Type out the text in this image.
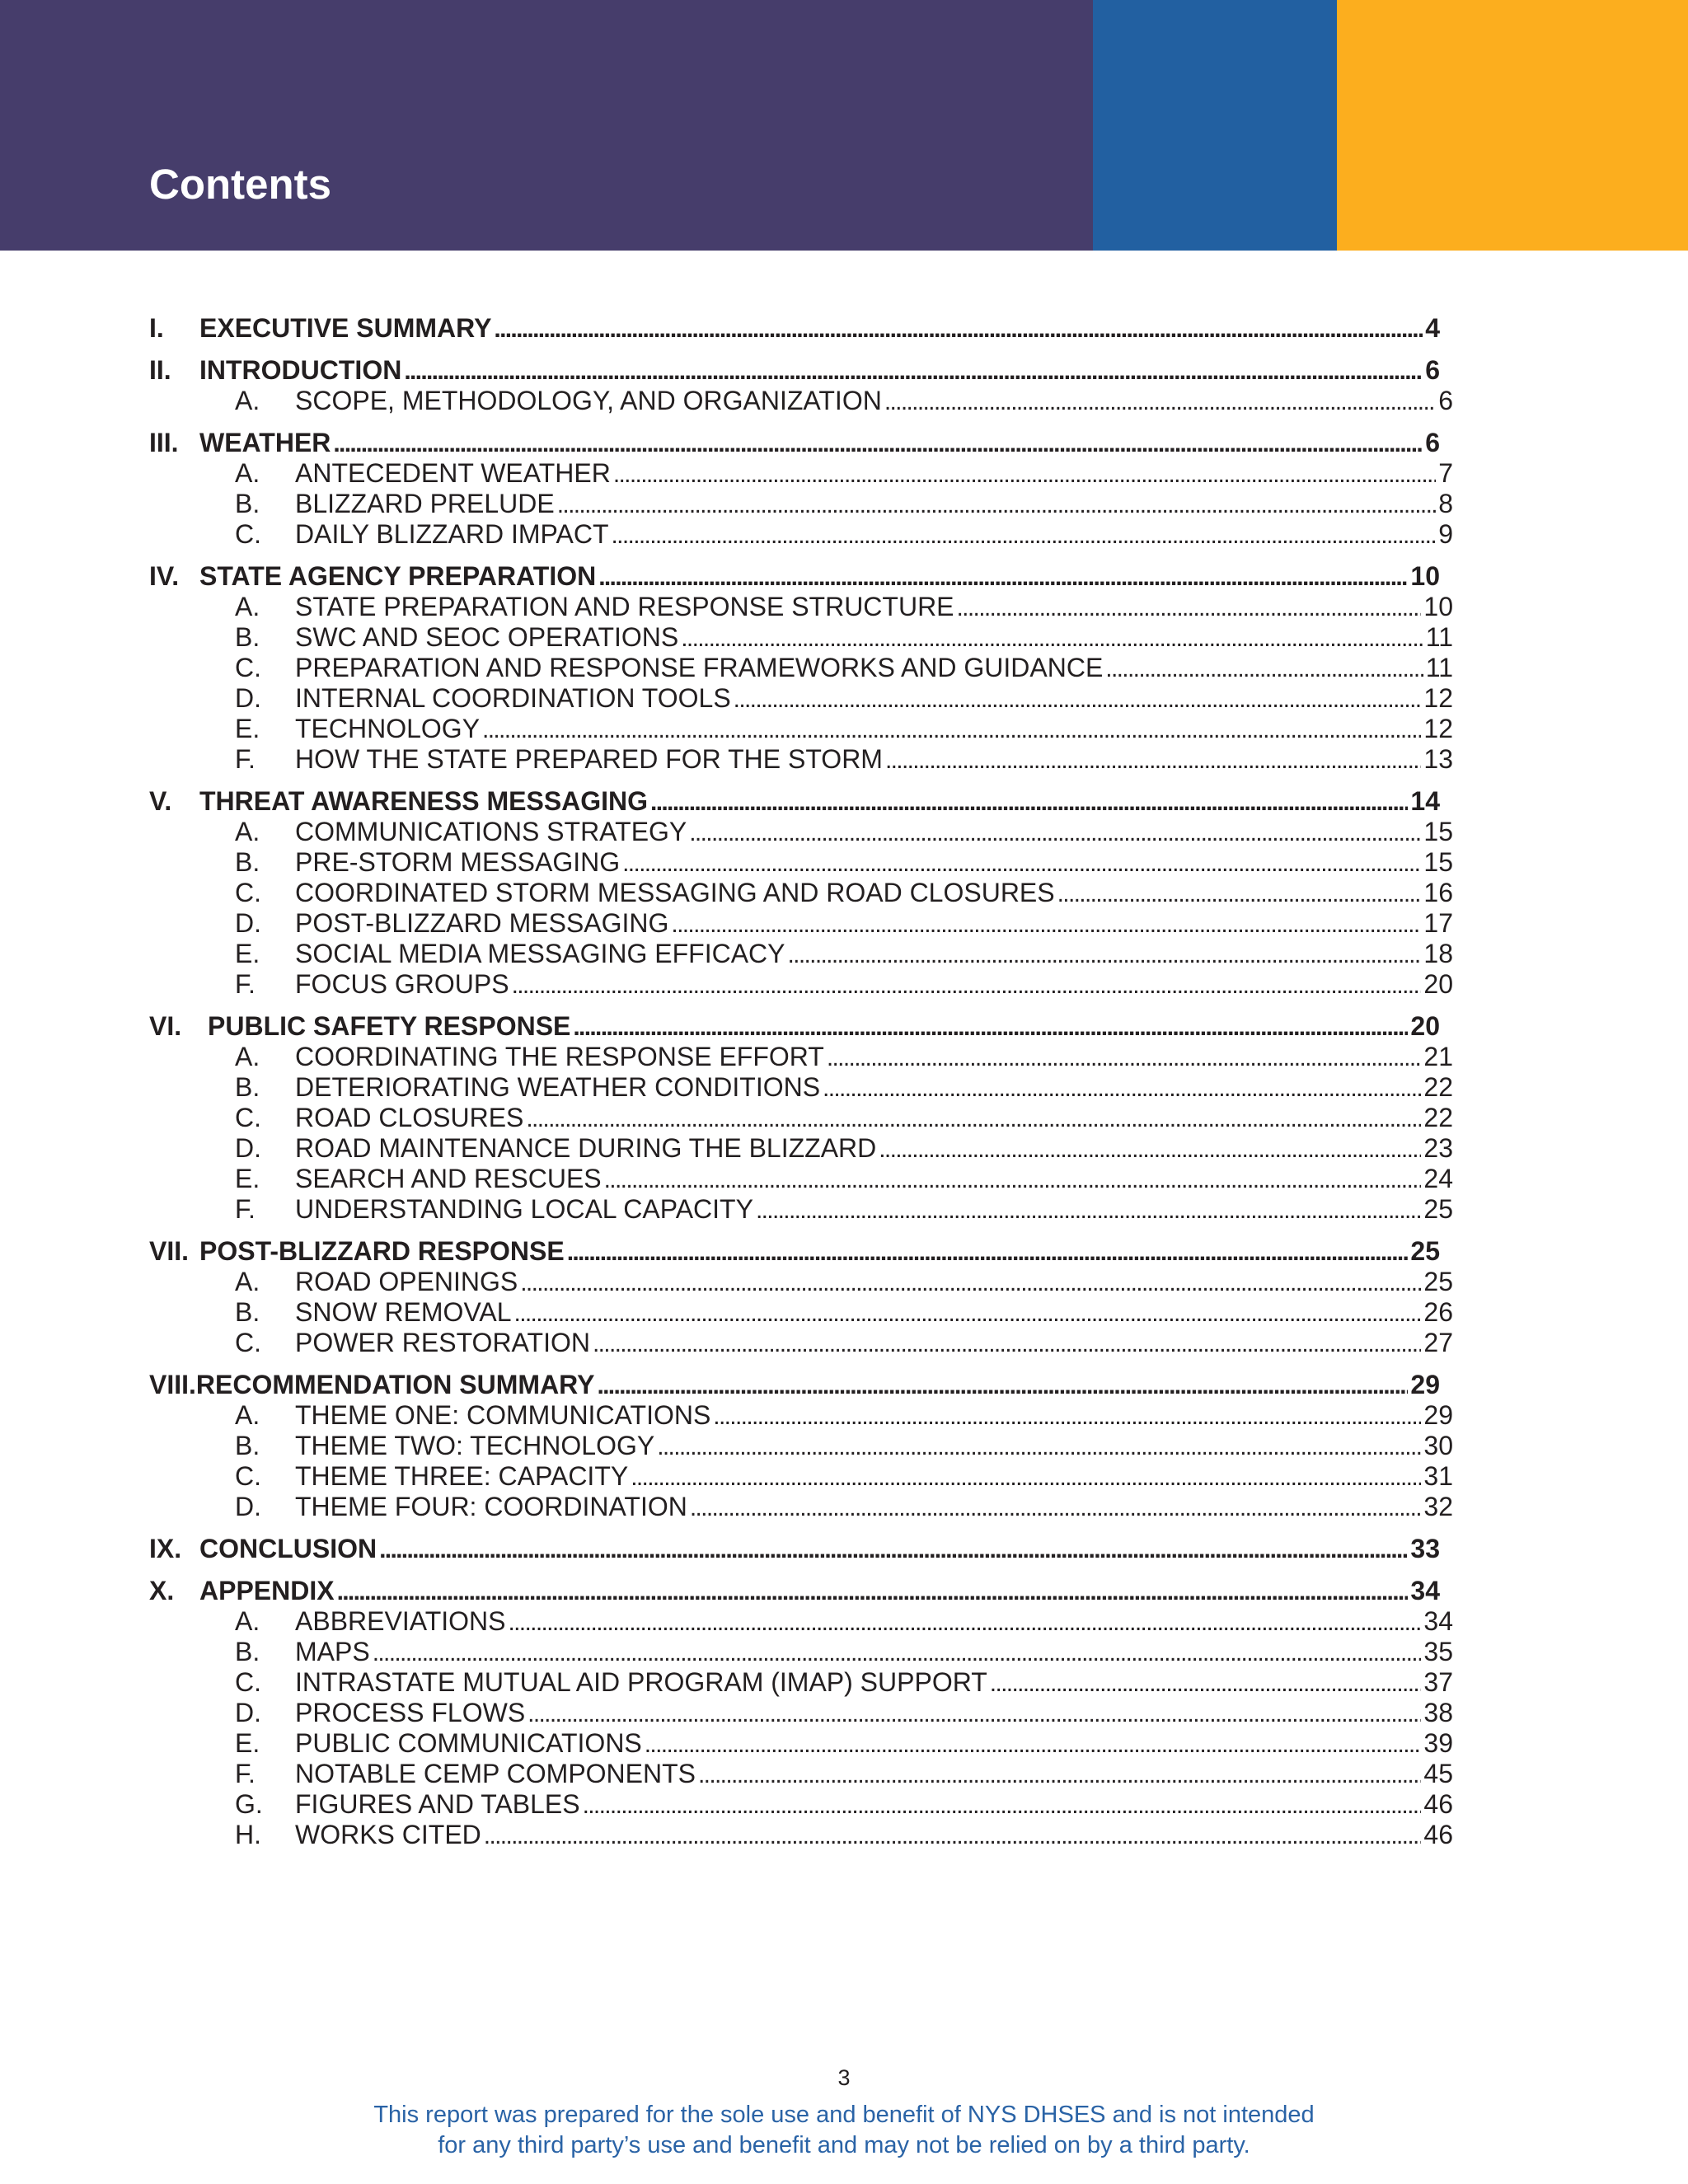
Contents
I.	EXECUTIVE SUMMARY . . .	4
II.	INTRODUCTION . . .	6
A.	SCOPE, METHODOLOGY, AND ORGANIZATION . . .	6
III. WEATHER . . .	6
A.	ANTECEDENT WEATHER . . .	7
B.	BLIZZARD PRELUDE . . .	8
C.	DAILY BLIZZARD IMPACT . . .	9
IV. STATE AGENCY PREPARATION . . .	10
A.	STATE PREPARATION AND RESPONSE STRUCTURE . . .	10
B.	SWC AND SEOC OPERATIONS . . .	11
C.	PREPARATION AND RESPONSE FRAMEWORKS AND GUIDANCE . . .	11
D.	INTERNAL COORDINATION TOOLS . . .	12
E.	TECHNOLOGY . . .	12
F.	HOW THE STATE PREPARED FOR THE STORM . . .	13
V.	THREAT AWARENESS MESSAGING . . .	14
A.	COMMUNICATIONS STRATEGY . . .	15
B.	PRE-STORM MESSAGING . . .	15
C.	COORDINATED STORM MESSAGING AND ROAD CLOSURES . . .	16
D.	POST-BLIZZARD MESSAGING . . .	17
E.	SOCIAL MEDIA MESSAGING EFFICACY . . .	18
F.	FOCUS GROUPS . . .	20
VI. PUBLIC SAFETY RESPONSE . . .	20
A.	COORDINATING THE RESPONSE EFFORT . . .	21
B.	DETERIORATING WEATHER CONDITIONS . . .	22
C.	ROAD CLOSURES . . .	22
D.	ROAD MAINTENANCE DURING THE BLIZZARD . . .	23
E.	SEARCH AND RESCUES . . .	24
F.	UNDERSTANDING LOCAL CAPACITY . . .	25
VII. POST-BLIZZARD RESPONSE . . .	25
A.	ROAD OPENINGS . . .	25
B.	SNOW REMOVAL . . .	26
C.	POWER RESTORATION . . .	27
VIII. RECOMMENDATION SUMMARY . . .	29
A.	THEME ONE: COMMUNICATIONS . . .	29
B.	THEME TWO: TECHNOLOGY . . .	30
C.	THEME THREE: CAPACITY . . .	31
D.	THEME FOUR: COORDINATION . . .	32
IX. CONCLUSION . . .	33
X. APPENDIX . . .	34
A.	ABBREVIATIONS . . .	34
B.	MAPS . . .	35
C.	INTRASTATE MUTUAL AID PROGRAM (IMAP) SUPPORT . . .	37
D.	PROCESS FLOWS . . .	38
E.	PUBLIC COMMUNICATIONS . . .	39
F.	NOTABLE CEMP COMPONENTS . . .	45
G.	FIGURES AND TABLES . . .	46
H.	WORKS CITED . . .	46
3
This report was prepared for the sole use and benefit of NYS DHSES and is not intended
for any third party’s use and benefit and may not be relied on by a third party.
